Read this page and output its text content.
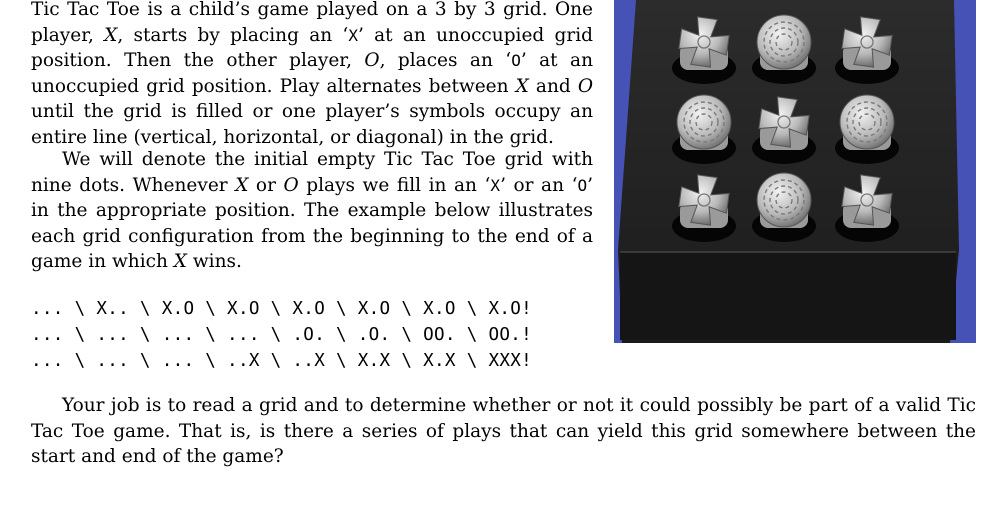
Tic Tac Toe is a child’s game played on a 3 by 3 grid. One player, X, starts by placing an ‘X’ at an unoccupied grid position. Then the other player, O, places an ‘O’ at an unoccupied grid position. Play alternates between X and O until the grid is filled or one player’s symbols occupy an entire line (vertical, horizontal, or diagonal) in the grid.

We will denote the initial empty Tic Tac Toe grid with nine dots. Whenever X or O plays we fill in an ‘X’ or an ‘O’ in the appropriate position. The example below illustrates each grid configuration from the beginning to the end of a game in which X wins.

... \ X.. \ X.O \ X.O \ X.O \ X.O \ X.O \ X.O!
... \ ... \ ... \ ... \ .O. \ .O. \ OO. \ OO.!
... \ ... \ ... \ ..X \ ..X \ X.X \ X.X \ XXX!

Your job is to read a grid and to determine whether or not it could possibly be part of a valid Tic Tac Toe game. That is, is there a series of plays that can yield this grid somewhere between the start and end of the game?
